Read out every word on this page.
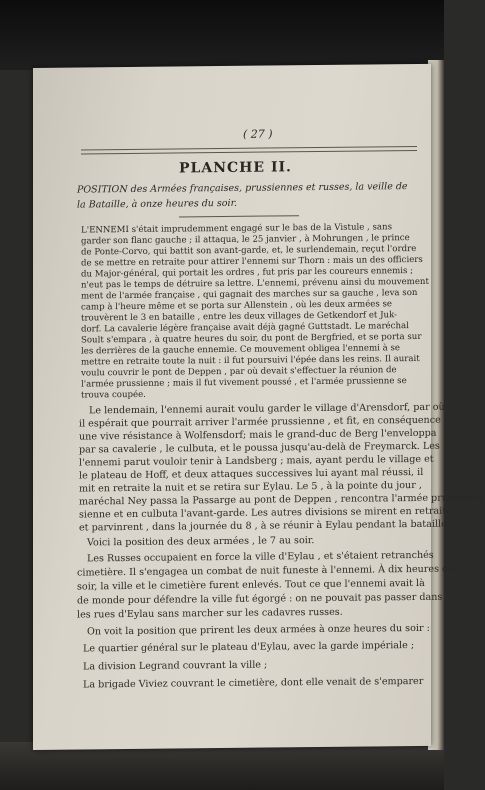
( 27 )
PLANCHE II.
POSITION des Armées françaises, prussiennes et russes, la veille de la Bataille, à onze heures du soir.
L'ENNEMI s'était imprudemment engagé sur le bas de la Vistule , sans
garder son flanc gauche ; il attaqua, le 25 janvier , à Mohrungen , le prince
de Ponte-Corvo, qui battit son avant-garde, et, le surlendemain, reçut l'ordre
de se mettre en retraite pour attirer l'ennemi sur Thorn : mais un des officiers
du Major-général, qui portait les ordres , fut pris par les coureurs ennemis ;
n'eut pas le temps de détruire sa lettre. L'ennemi, prévenu ainsi du mouvement
ment de l'armée française , qui gagnait des marches sur sa gauche , leva son
camp à l'heure même et se porta sur Allenstein , où les deux armées se
trouvèrent le 3 en bataille , entre les deux villages de Getkendorf et Juk-
dorf. La cavalerie légère française avait déjà gagné Guttstadt. Le maréchal
Soult s'empara , à quatre heures du soir, du pont de Bergfried, et se porta sur
les derrières de la gauche ennemie. Ce mouvement obligea l'ennemi à se
mettre en retraite toute la nuit : il fut poursuivi l'épée dans les reins. Il aurait
voulu couvrir le pont de Deppen , par où devait s'effectuer la réunion de
l'armée prussienne ; mais il fut vivement poussé , et l'armée prussienne se
trouva coupée.
Le lendemain, l'ennemi aurait voulu garder le village d'Arensdorf, par où
il espérait que pourrait arriver l'armée prussienne , et fit, en conséquence
une vive résistance à Wolfensdorf; mais le grand-duc de Berg l'enveloppa
par sa cavalerie , le culbuta, et le poussa jusqu'au-delà de Freymarck. Les
l'ennemi parut vouloir tenir à Landsberg ; mais, ayant perdu le village et
le plateau de Hoff, et deux attaques successives lui ayant mal réussi, il
mit en retraite la nuit et se retira sur Eylau. Le 5 , à la pointe du jour ,
maréchal Ney passa la Passarge au pont de Deppen , rencontra l'armée prussienne
sienne et en culbuta l'avant-garde. Les autres divisions se mirent en retraite
et parvinrent , dans la journée du 8 , à se réunir à Eylau pendant la bataille.
Voici la position des deux armées , le 7 au soir.
Les Russes occupaient en force la ville d'Eylau , et s'étaient retranchés
cimetière. Il s'engagea un combat de nuit funeste à l'ennemi. À dix heures du
soir, la ville et le cimetière furent enlevés. Tout ce que l'ennemi avait là
de monde pour défendre la ville fut égorgé : on ne pouvait pas passer dans
les rues d'Eylau sans marcher sur les cadavres russes.
On voit la position que prirent les deux armées à onze heures du soir :
Le quartier général sur le plateau d'Eylau, avec la garde impériale ;
La division Legrand couvrant la ville ;
La brigade Viviez couvrant le cimetière, dont elle venait de s'emparer
